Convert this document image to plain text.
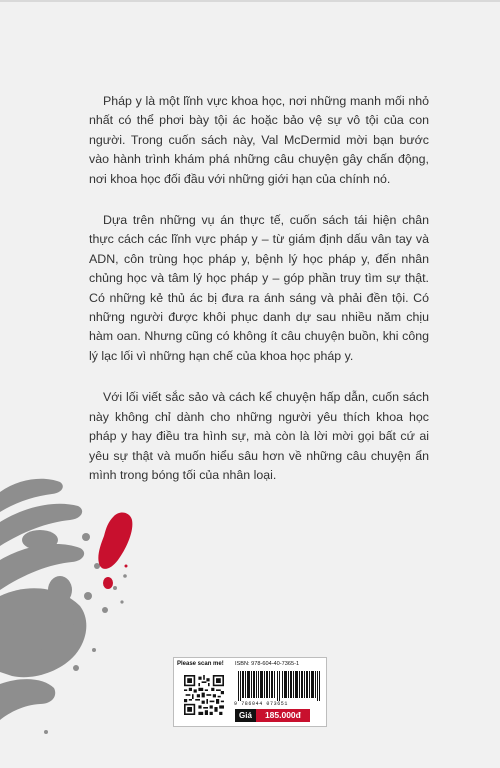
Pháp y là một lĩnh vực khoa học, nơi những manh mối nhỏ nhất có thể phơi bày tội ác hoặc bảo vệ sự vô tội của con người. Trong cuốn sách này, Val McDermid mời bạn bước vào hành trình khám phá những câu chuyện gây chấn động, nơi khoa học đối đầu với những giới hạn của chính nó.

Dựa trên những vụ án thực tế, cuốn sách tái hiện chân thực cách các lĩnh vực pháp y – từ giám định dấu vân tay và ADN, côn trùng học pháp y, bệnh lý học pháp y, đến nhân chủng học và tâm lý học pháp y – góp phần truy tìm sự thật. Có những kẻ thủ ác bị đưa ra ánh sáng và phải đền tội. Có những người được khôi phục danh dự sau nhiều năm chịu hàm oan. Nhưng cũng có không ít câu chuyện buồn, khi công lý lạc lối vì những hạn chế của khoa học pháp y.

Với lối viết sắc sảo và cách kể chuyện hấp dẫn, cuốn sách này không chỉ dành cho những người yêu thích khoa học pháp y hay điều tra hình sự, mà còn là lời mời gọi bất cứ ai yêu sự thật và muốn hiểu sâu hơn về những câu chuyện ẩn mình trong bóng tối của nhân loại.

Please scan me! ISBN: 978-604-40-7365-1
9 786044 073651
Giá	185.000đ
